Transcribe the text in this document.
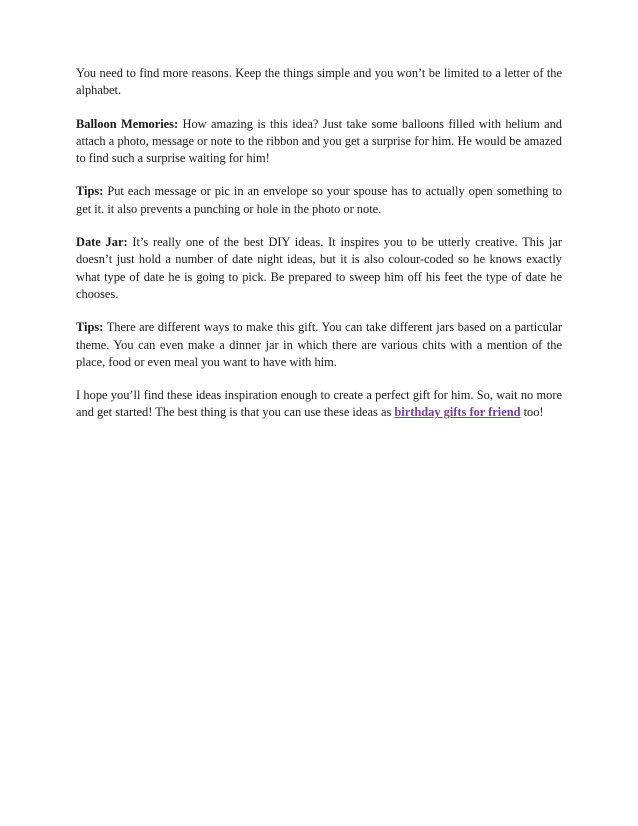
You need to find more reasons. Keep the things simple and you won’t be limited to a letter of the alphabet.

Balloon Memories: How amazing is this idea? Just take some balloons filled with helium and attach a photo, message or note to the ribbon and you get a surprise for him. He would be amazed to find such a surprise waiting for him!

Tips: Put each message or pic in an envelope so your spouse has to actually open something to get it. it also prevents a punching or hole in the photo or note.

Date Jar: It’s really one of the best DIY ideas. It inspires you to be utterly creative. This jar doesn’t just hold a number of date night ideas, but it is also colour-coded so he knows exactly what type of date he is going to pick. Be prepared to sweep him off his feet the type of date he chooses.

Tips: There are different ways to make this gift. You can take different jars based on a particular theme. You can even make a dinner jar in which there are various chits with a mention of the place, food or even meal you want to have with him.

I hope you’ll find these ideas inspiration enough to create a perfect gift for him. So, wait no more and get started! The best thing is that you can use these ideas as birthday gifts for friend too!
